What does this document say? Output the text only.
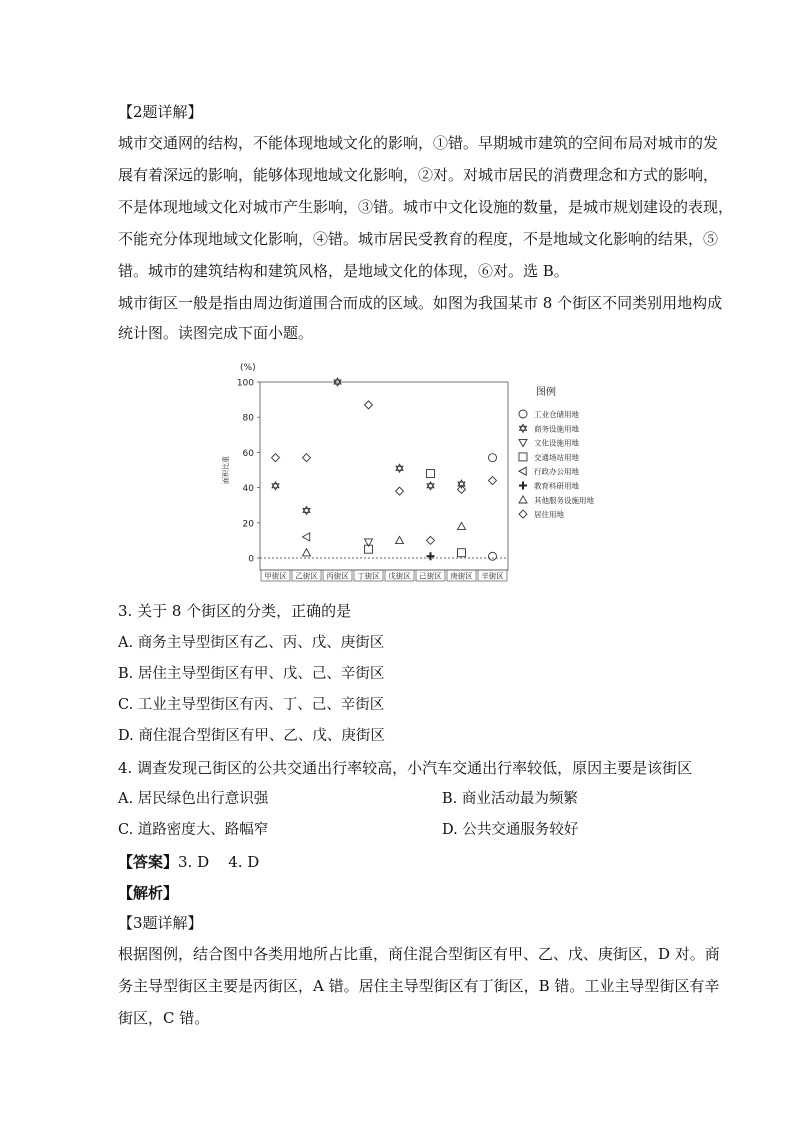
【2题详解】
城市交通网的结构，不能体现地域文化的影响，①错。早期城市建筑的空间布局对城市的发
展有着深远的影响，能够体现地域文化影响，②对。对城市居民的消费理念和方式的影响，
不是体现地域文化对城市产生影响，③错。城市中文化设施的数量，是城市规划建设的表现，
不能充分体现地域文化影响，④错。城市居民受教育的程度，不是地域文化影响的结果，⑤
错。城市的建筑结构和建筑风格，是地域文化的体现，⑥对。选 B。
城市街区一般是指由周边街道围合而成的区域。如图为我国某市 8 个街区不同类别用地构成
统计图。读图完成下面小题。
0
20
40
60
80
100
(%)
面积比重
甲街区 乙街区 丙街区 丁街区 戊街区 己街区 庚街区 辛街区
图例
工业仓储用地
商务设施用地
文化设施用地
交通场站用地
行政办公用地
教育科研用地
其他服务设施用地
居住用地
3. 关于 8 个街区的分类，正确的是
A. 商务主导型街区有乙、丙、戊、庚街区
B. 居住主导型街区有甲、戊、己、辛街区
C. 工业主导型街区有丙、丁、己、辛街区
D. 商住混合型街区有甲、乙、戊、庚街区
4. 调查发现己街区的公共交通出行率较高，小汽车交通出行率较低，原因主要是该街区
A. 居民绿色出行意识强	B. 商业活动最为频繁
C. 道路密度大、路幅窄	D. 公共交通服务较好
【答案】3. D    4. D
【解析】
【3题详解】
根据图例，结合图中各类用地所占比重，商住混合型街区有甲、乙、戊、庚街区，D 对。商
务主导型街区主要是丙街区，A 错。居住主导型街区有丁街区，B 错。工业主导型街区有辛
街区，C 错。
